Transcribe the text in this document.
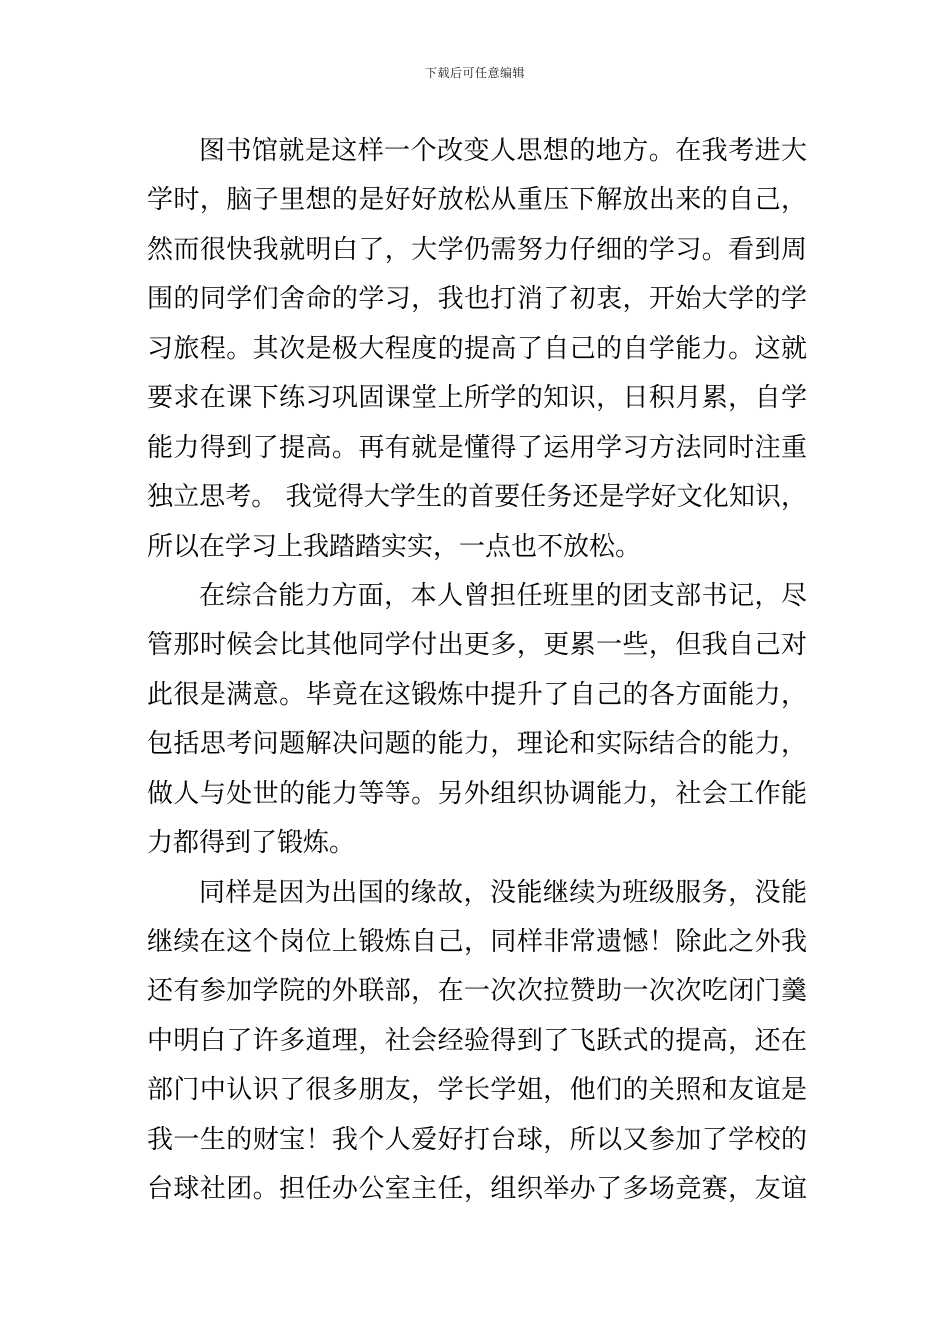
下载后可任意编辑
图书馆就是这样一个改变人思想的地方。在我考进大
学时，脑子里想的是好好放松从重压下解放出来的自己，
然而很快我就明白了，大学仍需努力仔细的学习。看到周
围的同学们舍命的学习，我也打消了初衷，开始大学的学
习旅程。其次是极大程度的提高了自己的自学能力。这就
要求在课下练习巩固课堂上所学的知识，日积月累，自学
能力得到了提高。再有就是懂得了运用学习方法同时注重
独立思考。 我觉得大学生的首要任务还是学好文化知识，
所以在学习上我踏踏实实，一点也不放松。
在综合能力方面，本人曾担任班里的团支部书记，尽
管那时候会比其他同学付出更多，更累一些，但我自己对
此很是满意。毕竟在这锻炼中提升了自己的各方面能力，
包括思考问题解决问题的能力，理论和实际结合的能力，
做人与处世的能力等等。另外组织协调能力，社会工作能
力都得到了锻炼。
同样是因为出国的缘故，没能继续为班级服务，没能
继续在这个岗位上锻炼自己，同样非常遗憾！除此之外我
还有参加学院的外联部，在一次次拉赞助一次次吃闭门羹
中明白了许多道理，社会经验得到了飞跃式的提高，还在
部门中认识了很多朋友，学长学姐，他们的关照和友谊是
我一生的财宝！我个人爱好打台球，所以又参加了学校的
台球社团。担任办公室主任，组织举办了多场竞赛，友谊
